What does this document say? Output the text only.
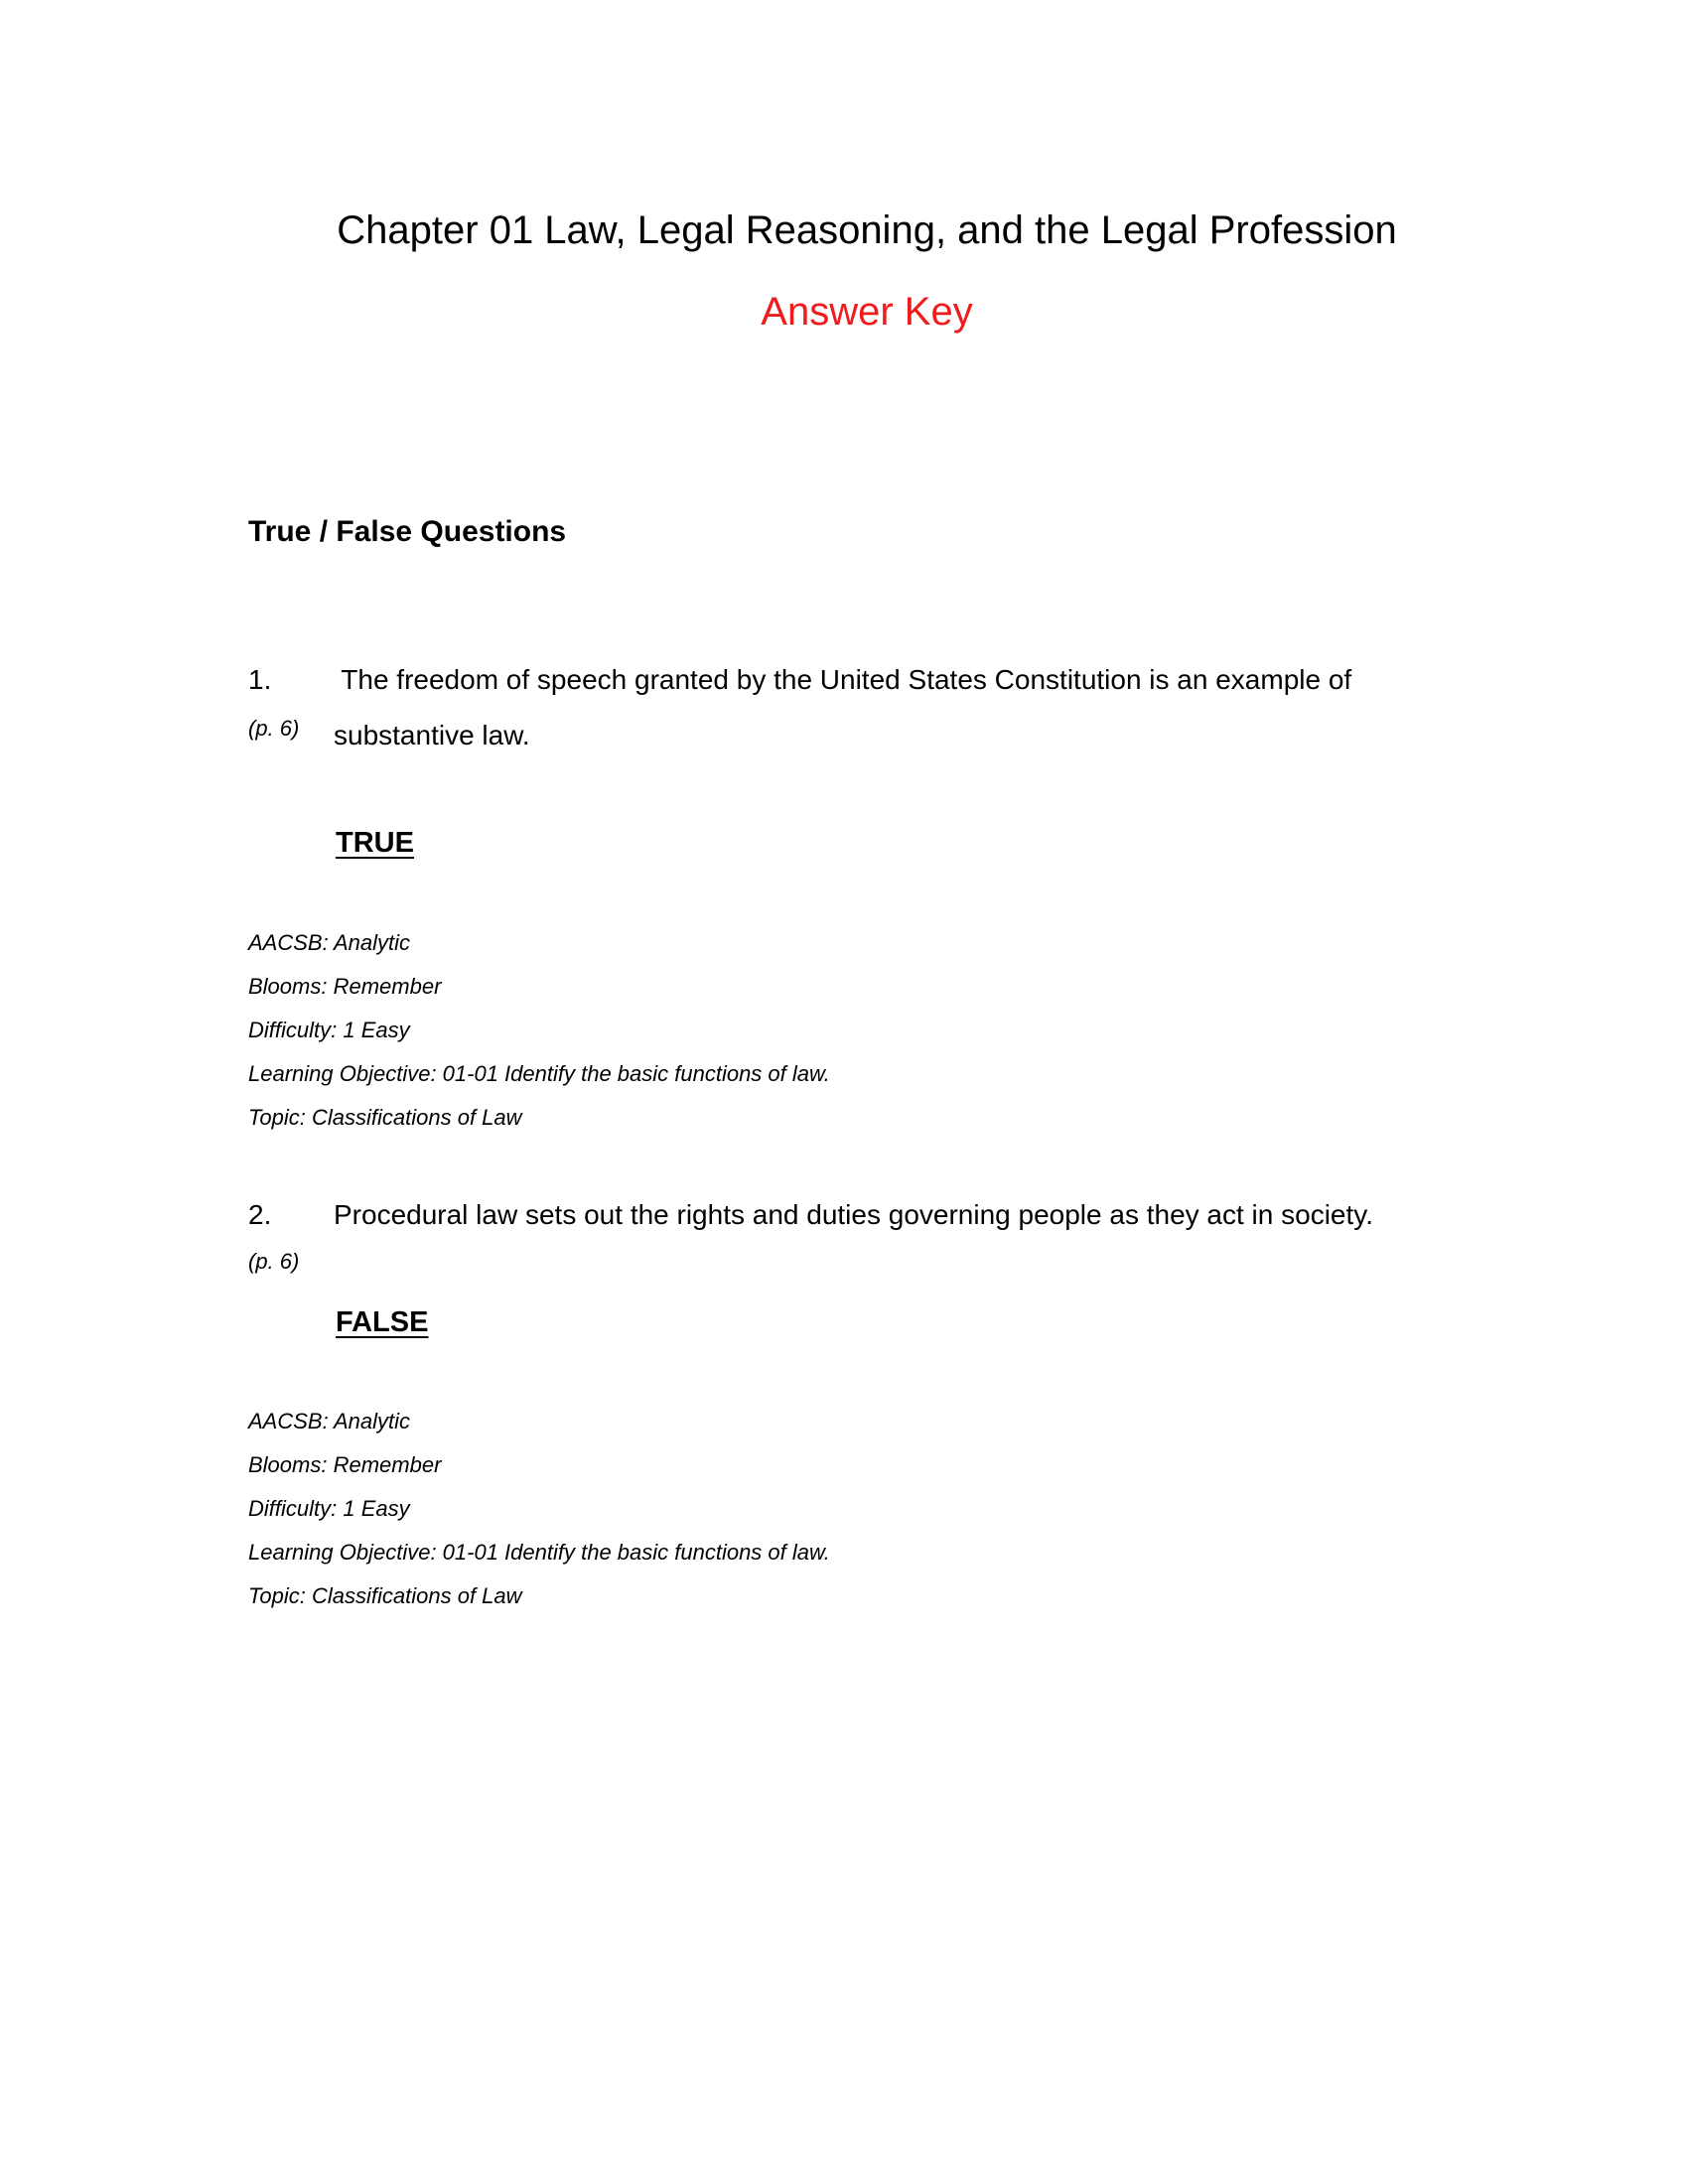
Chapter 01 Law, Legal Reasoning, and the Legal Profession
Answer Key
True / False Questions
1. The freedom of speech granted by the United States Constitution is an example of
(p. 6) substantive law.
TRUE
AACSB: Analytic
Blooms: Remember
Difficulty: 1 Easy
Learning Objective: 01-01 Identify the basic functions of law.
Topic: Classifications of Law
2. Procedural law sets out the rights and duties governing people as they act in society.
(p. 6)
FALSE
AACSB: Analytic
Blooms: Remember
Difficulty: 1 Easy
Learning Objective: 01-01 Identify the basic functions of law.
Topic: Classifications of Law
